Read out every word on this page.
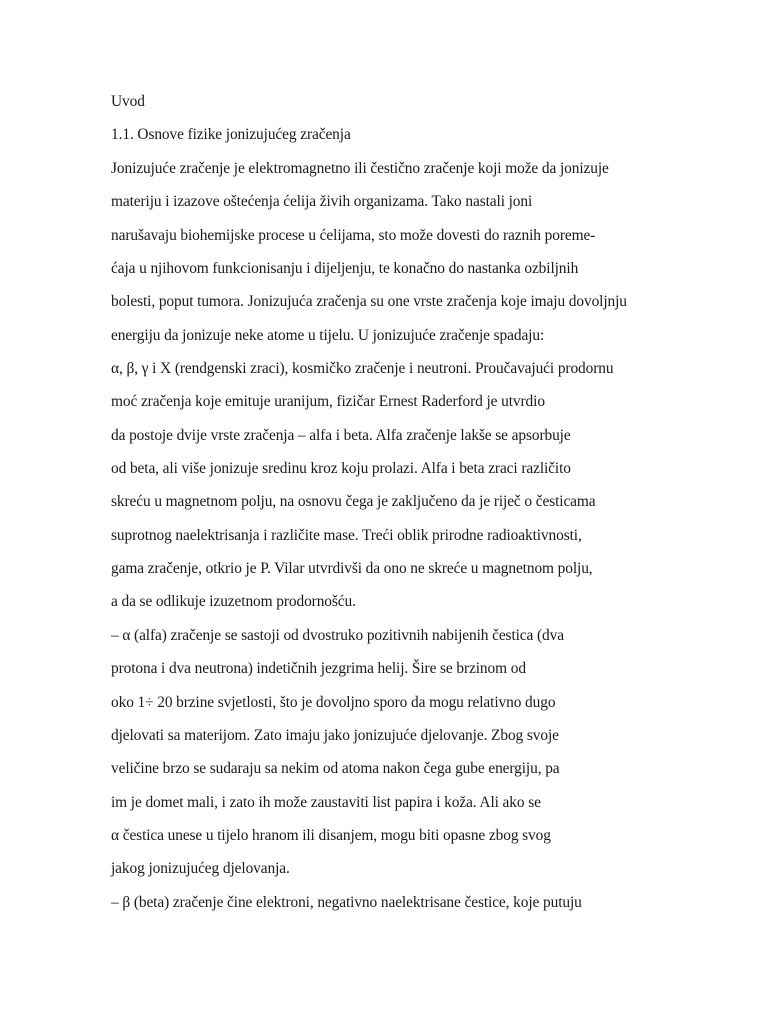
Uvod
1.1. Osnove fizike jonizujućeg zračenja
Jonizujuće zračenje je elektromagnetno ili čestično zračenje koji može da jonizuje
materiju i izazove oštećenja ćelija živih organizama. Tako nastali joni
narušavaju biohemijske procese u ćelijama, sto može dovesti do raznih poreme-
ćaja u njihovom funkcionisanju i dijeljenju, te konačno do nastanka ozbiljnih
bolesti, poput tumora. Jonizujuća zračenja su one vrste zračenja koje imaju dovoljnju
energiju da jonizuje neke atome u tijelu. U jonizujuće zračenje spadaju:
α, β, γ i X (rendgenski zraci), kosmičko zračenje i neutroni. Proučavajući prodornu
moć zračenja koje emituje uranijum, fizičar Ernest Raderford je utvrdio
da postoje dvije vrste zračenja – alfa i beta. Alfa zračenje lakše se apsorbuje
od beta, ali više jonizuje sredinu kroz koju prolazi. Alfa i beta zraci različito
skreću u magnetnom polju, na osnovu čega je zaključeno da je riječ o česticama
suprotnog naelektrisanja i različite mase. Treći oblik prirodne radioaktivnosti,
gama zračenje, otkrio je P. Vilar utvrdivši da ono ne skreće u magnetnom polju,
a da se odlikuje izuzetnom prodornošću.
– α (alfa) zračenje se sastoji od dvostruko pozitivnih nabijenih čestica (dva
protona i dva neutrona) indetičnih jezgrima helij. Šire se brzinom od
oko 1÷ 20 brzine svjetlosti, što je dovoljno sporo da mogu relativno dugo
djelovati sa materijom. Zato imaju jako jonizujuće djelovanje. Zbog svoje
veličine brzo se sudaraju sa nekim od atoma nakon čega gube energiju, pa
im je domet mali, i zato ih može zaustaviti list papira i koža. Ali ako se
α čestica unese u tijelo hranom ili disanjem, mogu biti opasne zbog svog
jakog jonizujućeg djelovanja.
– β (beta) zračenje čine elektroni, negativno naelektrisane čestice, koje putuju
